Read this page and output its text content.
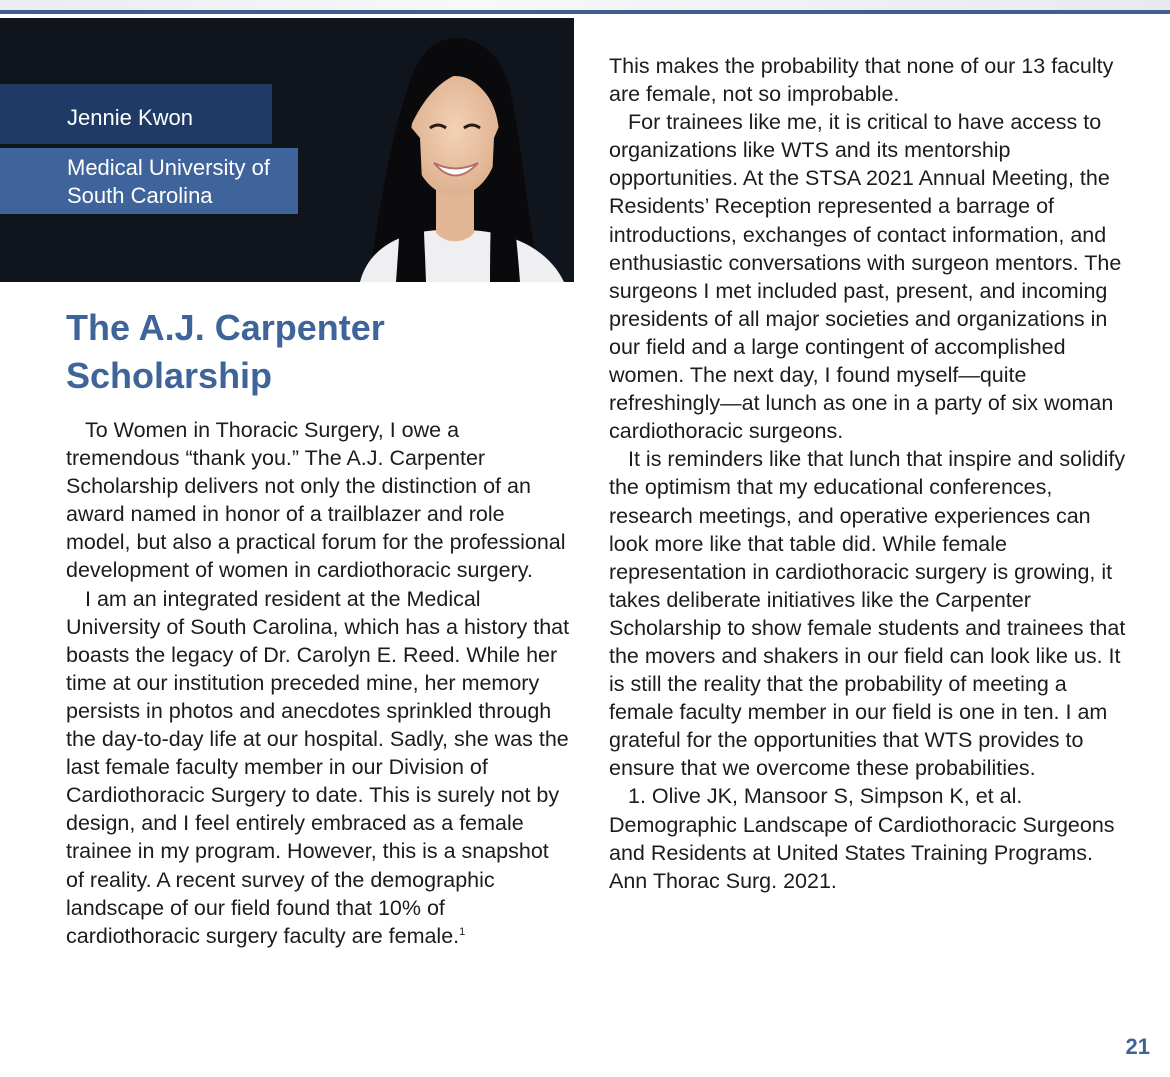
Jennie Kwon
Medical University of South Carolina
The A.J. Carpenter Scholarship

To Women in Thoracic Surgery, I owe a tremendous “thank you.” The A.J. Carpenter Scholarship delivers not only the distinction of an award named in honor of a trailblazer and role model, but also a practical forum for the professional development of women in cardiothoracic surgery.

I am an integrated resident at the Medical University of South Carolina, which has a history that boasts the legacy of Dr. Carolyn E. Reed. While her time at our institution preceded mine, her memory persists in photos and anecdotes sprinkled through the day-to-day life at our hospital. Sadly, she was the last female faculty member in our Division of Cardiothoracic Surgery to date. This is surely not by design, and I feel entirely embraced as a female trainee in my program. However, this is a snapshot of reality. A recent survey of the demographic landscape of our field found that 10% of cardiothoracic surgery faculty are female.$^1$

This makes the probability that none of our 13 faculty are female, not so improbable.

For trainees like me, it is critical to have access to organizations like WTS and its mentorship opportunities. At the STSA 2021 Annual Meeting, the Residents’ Reception represented a barrage of introductions, exchanges of contact information, and enthusiastic conversations with surgeon mentors. The surgeons I met included past, present, and incoming presidents of all major societies and organizations in our field and a large contingent of accomplished women. The next day, I found myself—quite refreshingly—at lunch as one in a party of six woman cardiothoracic surgeons.

It is reminders like that lunch that inspire and solidify the optimism that my educational conferences, research meetings, and operative experiences can look more like that table did. While female representation in cardiothoracic surgery is growing, it takes deliberate initiatives like the Carpenter Scholarship to show female students and trainees that the movers and shakers in our field can look like us. It is still the reality that the probability of meeting a female faculty member in our field is one in ten. I am grateful for the opportunities that WTS provides to ensure that we overcome these probabilities.

1. Olive JK, Mansoor S, Simpson K, et al. Demographic Landscape of Cardiothoracic Surgeons and Residents at United States Training Programs. Ann Thorac Surg. 2021.

21
